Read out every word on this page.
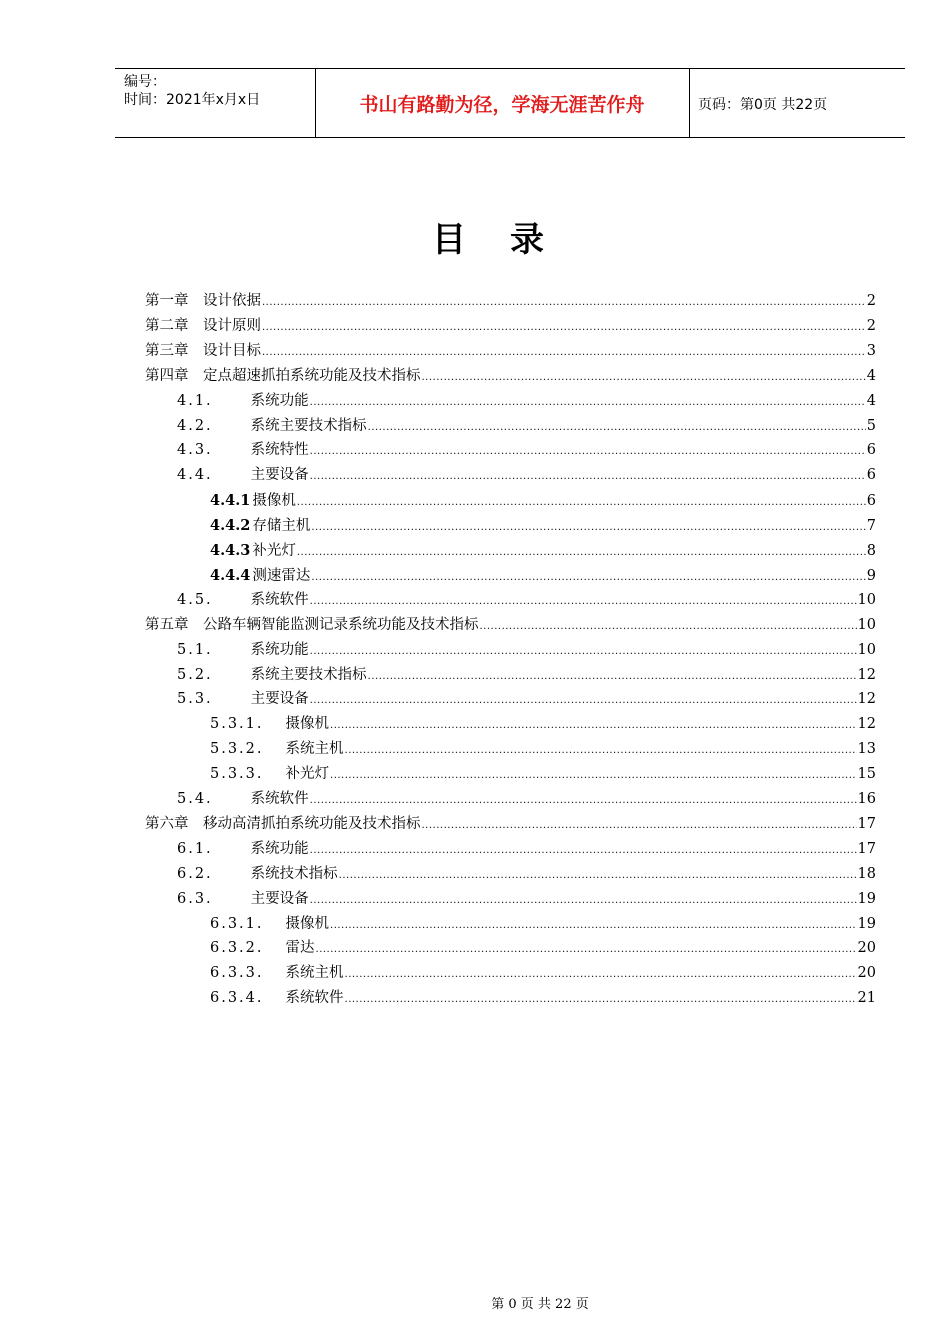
编号：
时间：2021年x月x日	书山有路勤为径，学海无涯苦作舟	页码：第0页 共22页
目录
第一章 设计依据 .....	2
第二章 设计原则 .....	2
第三章 设计目标 .....	3
第四章 定点超速抓拍系统功能及技术指标 .....	4
4.1.	系统功能 .....	4
4.2.	系统主要技术指标 .....	5
4.3.	系统特性 .....	6
4.4.	主要设备 .....	6
4.4.1 摄像机 .....	6
4.4.2 存储主机 .....	7
4.4.3 补光灯 .....	8
4.4.4 测速雷达 .....	9
4.5.	系统软件 .....	10
第五章 公路车辆智能监测记录系统功能及技术指标 .....	10
5.1.	系统功能 .....	10
5.2.	系统主要技术指标 .....	12
5.3.	主要设备 .....	12
5.3.1. 摄像机 .....	12
5.3.2. 系统主机 .....	13
5.3.3. 补光灯 .....	15
5.4.	系统软件 .....	16
第六章 移动高清抓拍系统功能及技术指标 .....	17
6.1.	系统功能 .....	17
6.2.	系统技术指标 .....	18
6.3.	主要设备 .....	19
6.3.1. 摄像机 .....	19
6.3.2. 雷达 .....	20
6.3.3. 系统主机 .....	20
6.3.4. 系统软件 .....	21
第 0 页 共 22 页
